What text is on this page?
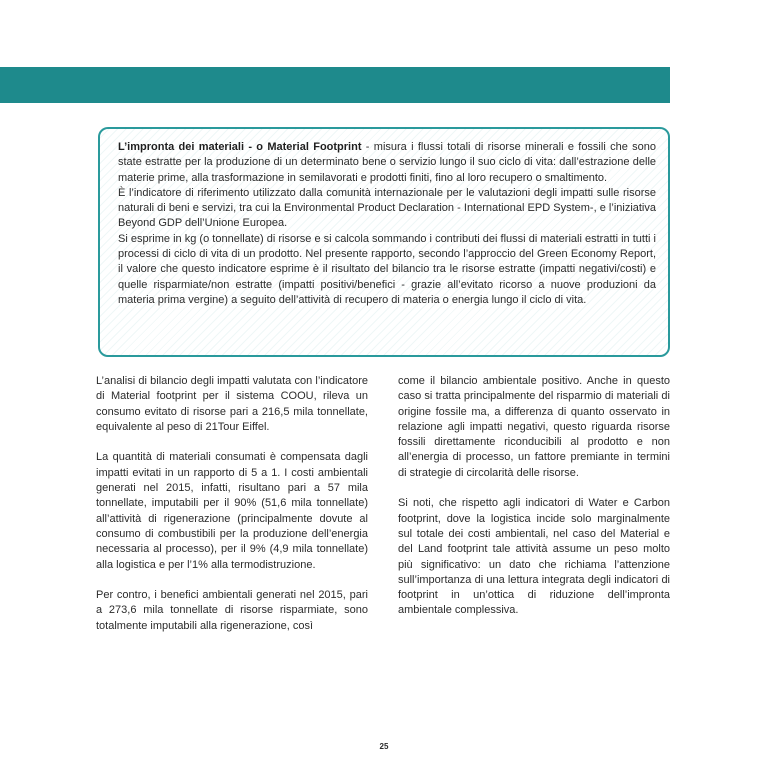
L’impronta dei materiali - o Material Footprint - misura i flussi totali di risorse minerali e fossili che sono state estratte per la produzione di un determinato bene o servizio lungo il suo ciclo di vita: dall’estrazione delle materie prime, alla trasformazione in semilavorati e prodotti finiti, fino al loro recupero o smaltimento.

È l’indicatore di riferimento utilizzato dalla comunità internazionale per le valutazioni degli impatti sulle risorse naturali di beni e servizi, tra cui la Environmental Product Declaration - International EPD System-, e l’iniziativa Beyond GDP dell’Unione Europea.

Si esprime in kg (o tonnellate) di risorse e si calcola sommando i contributi dei flussi di materiali estratti in tutti i processi di ciclo di vita di un prodotto. Nel presente rapporto, secondo l’approccio del Green Economy Report, il valore che questo indicatore esprime è il risultato del bilancio tra le risorse estratte (impatti negativi/costi) e quelle risparmiate/non estratte (impatti positivi/benefici - grazie all’evitato ricorso a nuove produzioni da materia prima vergine) a seguito dell’attività di recupero di materia o energia lungo il ciclo di vita.

L’analisi di bilancio degli impatti valutata con l’indicatore di Material footprint per il sistema COOU, rileva un consumo evitato di risorse pari a 216,5 mila tonnellate, equivalente al peso di 21Tour Eiffel.

La quantità di materiali consumati è compensata dagli impatti evitati in un rapporto di 5 a 1. I costi ambientali generati nel 2015, infatti, risultano pari a 57 mila tonnellate, imputabili per il 90% (51,6 mila tonnellate) all’attività di rigenerazione (principalmente dovute al consumo di combustibili per la produzione dell’energia necessaria al processo), per il 9% (4,9 mila tonnellate) alla logistica e per l’1% alla termodistruzione.

Per contro, i benefici ambientali generati nel 2015, pari a 273,6 mila tonnellate di risorse risparmiate, sono totalmente imputabili alla rigenerazione, così

come il bilancio ambientale positivo. Anche in questo caso si tratta principalmente del risparmio di materiali di origine fossile ma, a differenza di quanto osservato in relazione agli impatti negativi, questo riguarda risorse fossili direttamente riconducibili al prodotto e non all’energia di processo, un fattore premiante in termini di strategie di circolarità delle risorse.

Si noti, che rispetto agli indicatori di Water e Carbon footprint, dove la logistica incide solo marginalmente sul totale dei costi ambientali, nel caso del Material e del Land footprint tale attività assume un peso molto più significativo: un dato che richiama l’attenzione sull’importanza di una lettura integrata degli indicatori di footprint in un’ottica di riduzione dell’impronta ambientale complessiva.

25
